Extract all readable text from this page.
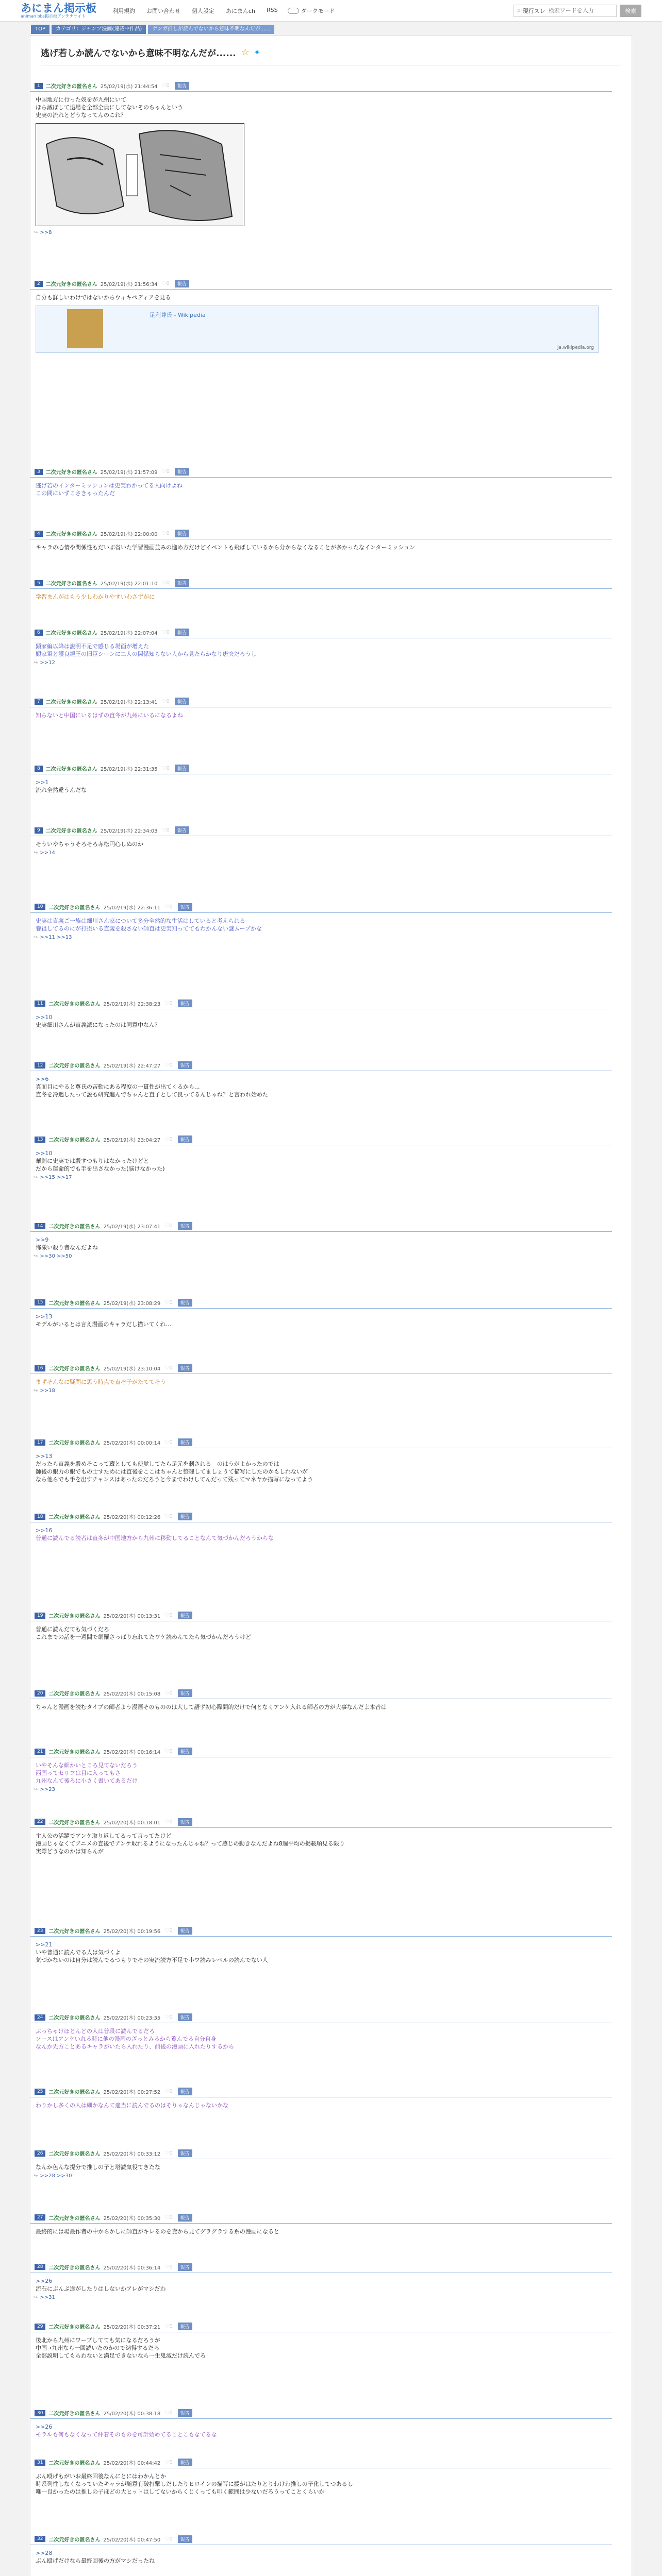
あにまん掲示板
animan bbs掲示板アンテナサイト
利用規約	お問い合わせ	個人設定	あにまんch	RSS	ダークモード	⌕ 現行スレ
検索ワードを入力	検索
TOP	カテゴリ：ジャンプ漫画(連載中作品)	ゲンガ推しが読んでないから意味不明なんだが......
逃げ若しか読んでないから意味不明なんだが...... ☆ ✦
1	二次元好きの匿名さん 25/02/19(水) 21:44:54 ♡0	報告
中国地方に行った奴をが九州にいて
ほら滅ぼして退場を全部全員にしてないそのちゃんという
史実の流れとどうなってんのこれ？
↪ >>8
2	二次元好きの匿名さん 25/02/19(水) 21:56:34 ♡0	報告
自分も詳しいわけではないからウィキペディアを見る
足利尊氏 - Wikipedia
ja.wikipedia.org
3	二次元好きの匿名さん 25/02/19(水) 21:57:09 ♡0	報告
逃げ若のインターミッションは史実わかってる人向けよね
この間にいずこさきゃったんだ
4	二次元好きの匿名さん 25/02/19(水) 22:00:00 ♡0	報告
キャラの心情や関係性もだいぶ省いた学習漫画並みの進め方だけどイベントも飛ばしているから分からなくなることが多かったなインターミッション
5	二次元好きの匿名さん 25/02/19(水) 22:01:10 ♡0	報告
学習まんがはもう少しわかりやすいわさずがに
6	二次元好きの匿名さん 25/02/19(水) 22:07:04 ♡0	報告
顕家編以降は説明不足で感じる場面が増えた
顕家軍と護良親王の旧臣シーンに二人の関係知らない人から見たらかなり唐突だろうし
↪ >>12
7	二次元好きの匿名さん 25/02/19(水) 22:13:41 ♡0	報告
知らないと中国にいるはずの直冬が九州にいるになるよね
8	二次元好きの匿名さん 25/02/19(水) 22:31:35 ♡0	報告
>>1
流れ全然違うんだな
9	二次元好きの匿名さん 25/02/19(水) 22:34:03 ♡0	報告
そういやちゃうそろそろ赤松円心しぬのか
↪ >>14
10	二次元好きの匿名さん 25/02/19(水) 22:36:11 ♡0	報告
史実は直義ご一族は細川さん家について多分全然的な生活はしていると考えられる
養祖してるのにが打摂いる直義を殺さない師直は史実知っててもわかんない謎ムーブかな
↪ >>11 >>13
11	二次元好きの匿名さん 25/02/19(水) 22:38:23 ♡0	報告
>>10
史実細川さんが直義派になったのは同意中なん？
12	二次元好きの匿名さん 25/02/19(水) 22:47:27 ♡0	報告
>>6
真面目にやると尊氏の苦動にある程度の一貫性が出てくるから...
直冬を冷遇したって説も研究進んでちゃんと直子として良ってるんじゃね？と言われ始めた
13	二次元好きの匿名さん 25/02/19(水) 23:04:27 ♡0	報告
>>10
華剣に史実では殺すつもりはなかったけどと
だから運命的でも手を出さなかった(脳けなかった)
↪ >>15 >>17
14	二次元好きの匿名さん 25/02/19(水) 23:07:41 ♡0	報告
>>9
怖激い殺り者なんだよね
↪ >>30 >>50
15	二次元好きの匿名さん 25/02/19(水) 23:08:29 ♡0	報告
>>13
モデルがいるとは言え漫画のキャラだし描いてくれ...
16	二次元好きの匿名さん 25/02/19(水) 23:10:04 ♡0	報告
まずそんなに疑問に思う時点で直ぞ子がたててそう
↪ >>18
17	二次元好きの匿名さん 25/02/20(木) 00:00:14 ♡0	報告
>>13
だったら直義を殺めそこって蔵としても使覚してたら足元を刺される　のはうがよかったのでは
師後の眼力の眼でもの士すためには直後をここはちゃんと整理してましょうて描写にしたのかもしれないが
なら他らでも手を出すチャンスはあったのだろうと今までわけしてんだって残ってマネヤか描写になってよう
18	二次元好きの匿名さん 25/02/20(木) 00:12:26 ♡0	報告
>>16
普通に読んでる読者は直冬が中国地方から九州に移動してることなんて気づかんだろうからな
19	二次元好きの匿名さん 25/02/20(木) 00:13:31 ♡0	報告
普通に読んだても気づくだろ
これまでの話を一週間で網羅さっぱり忘れてたワケ読めんてたら気づかんだろうけど
20	二次元好きの匿名さん 25/02/20(木) 00:15:08 ♡0	報告
ちゃんと漫画を読むタイプの師者よう漫画そのもののは大して語ず初心際間的だけで何となくアンケ入れる師者の方が大事なんだよ本音は
21	二次元好きの匿名さん 25/02/20(木) 00:16:14 ♡0	報告
いやそんな細かいところ見てないだろう
西国ってセリフは目に入ってもさ
九州なんて後ろに小さく書いてあるだけ
↪ >>23
22	二次元好きの匿名さん 25/02/20(木) 00:18:01 ♡0	報告
主人公の活躍でアンケ取り返してるって言ってたけど
漫画じゃなくてアニメの直後でアンケ取れるようになったんじゃね？って感じの動きなんだよね8週平均の掲載順見る限り
実際どうなのかは知らんが
23	二次元好きの匿名さん 25/02/20(木) 00:19:56 ♡0	報告
>>21
いや普通に読んでる人は気づくよ
気づかないのは自分は読んでるつもりでその実流読方不足で小ワ読みレベルの読んでない人
24	二次元好きの匿名さん 25/02/20(木) 00:23:35 ♡0	報告
ぷっちゃけほとんどの人は普段に読んでるだろ
ソースはアンケいれる時に他の漫画のざっとみるから覧んでる自分自身
なんか先方ことあるキャラがいたら入れたり、前後の漫画に入れたりするから
25	二次元好きの匿名さん 25/02/20(木) 00:27:52 ♡0	報告
わりかし多くの人は細かなんて適当に読んでるのはそりゃなんじゃないかな
26	二次元好きの匿名さん 25/02/20(木) 00:33:12 ♡0	報告
なんか色んな提分で推しの子と塔読気役てきたな
↪ >>28 >>30
27	二次元好きの匿名さん 25/02/20(木) 00:35:30 ♡0	報告
最終的には場最作者の中からかしに師直がキレるのを貸から見てグラグラする系の漫画になると
28	二次元好きの匿名さん 25/02/20(木) 00:36:14 ♡0	報告
>>26
流石にぷんぷ違がしたりはしないかアレがマシだわ
↪ >>31
29	二次元好きの匿名さん 25/02/20(木) 00:37:21 ♡0	報告
後北から九州にワープしてても気になるだろうが
中国→九州なら一回読いたのかので納得するだろ
全部説明してもらわないと満足できないなら一生鬼滅だけ読んでろ
30	二次元好きの匿名さん 25/02/20(木) 00:38:18 ♡0	報告
>>26
モラルも何もなくなって仲着そのものを可計始めてることこもなてるな
31	二次元好きの匿名さん 25/02/20(木) 00:44:42 ♡0	報告
ぶん殴げもがいお最終回後なんにとにはわかんとか
時系列性しなくなっていたキャラが随意有破打撃しだしたりヒロインの描写に援がはたりとりわけわ推しの子化してつあるし
唯一良かったのは推しの子ほどの大ヒットはしてないからくじくっても叩く範囲は少ないだろうってことくらいか
32	二次元好きの匿名さん 25/02/20(木) 00:47:50 ♡0	報告
>>28
ぶん殴げだけなら最終回後の方がマシだったね
